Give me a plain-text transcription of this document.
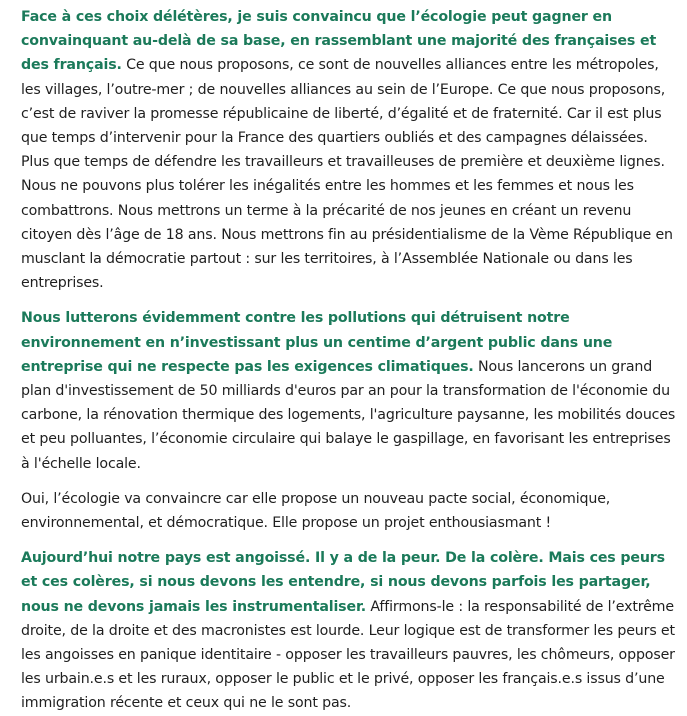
Face à ces choix délétères, je suis convaincu que l’écologie peut gagner en convainquant au-delà de sa base, en rassemblant une majorité des françaises et des français. Ce que nous proposons, ce sont de nouvelles alliances entre les métropoles, les villages, l’outre-mer ; de nouvelles alliances au sein de l’Europe. Ce que nous proposons, c’est de raviver la promesse républicaine de liberté, d’égalité et de fraternité. Car il est plus que temps d’intervenir pour la France des quartiers oubliés et des campagnes délaissées. Plus que temps de défendre les travailleurs et travailleuses de première et deuxième lignes. Nous ne pouvons plus tolérer les inégalités entre les hommes et les femmes et nous les combattrons. Nous mettrons un terme à la précarité de nos jeunes en créant un revenu citoyen dès l’âge de 18 ans. Nous mettrons fin au présidentialisme de la Vème République en musclant la démocratie partout : sur les territoires, à l’Assemblée Nationale ou dans les entreprises.

Nous lutterons évidemment contre les pollutions qui détruisent notre environnement en n’investissant plus un centime d’argent public dans une entreprise qui ne respecte pas les exigences climatiques. Nous lancerons un grand plan d'investissement de 50 milliards d'euros par an pour la transformation de l'économie du carbone, la rénovation thermique des logements, l'agriculture paysanne, les mobilités douces et peu polluantes, l’économie circulaire qui balaye le gaspillage, en favorisant les entreprises à l'échelle locale.

Oui, l’écologie va convaincre car elle propose un nouveau pacte social, économique, environnemental, et démocratique. Elle propose un projet enthousiasmant !

Aujourd’hui notre pays est angoissé. Il y a de la peur. De la colère. Mais ces peurs et ces colères, si nous devons les entendre, si nous devons parfois les partager, nous ne devons jamais les instrumentaliser. Affirmons-le : la responsabilité de l’extrême droite, de la droite et des macronistes est lourde. Leur logique est de transformer les peurs et les angoisses en panique identitaire - opposer les travailleurs pauvres, les chômeurs, opposer les urbain.e.s et les ruraux, opposer le public et le privé, opposer les français.e.s issus d’une immigration récente et ceux qui ne le sont pas.
